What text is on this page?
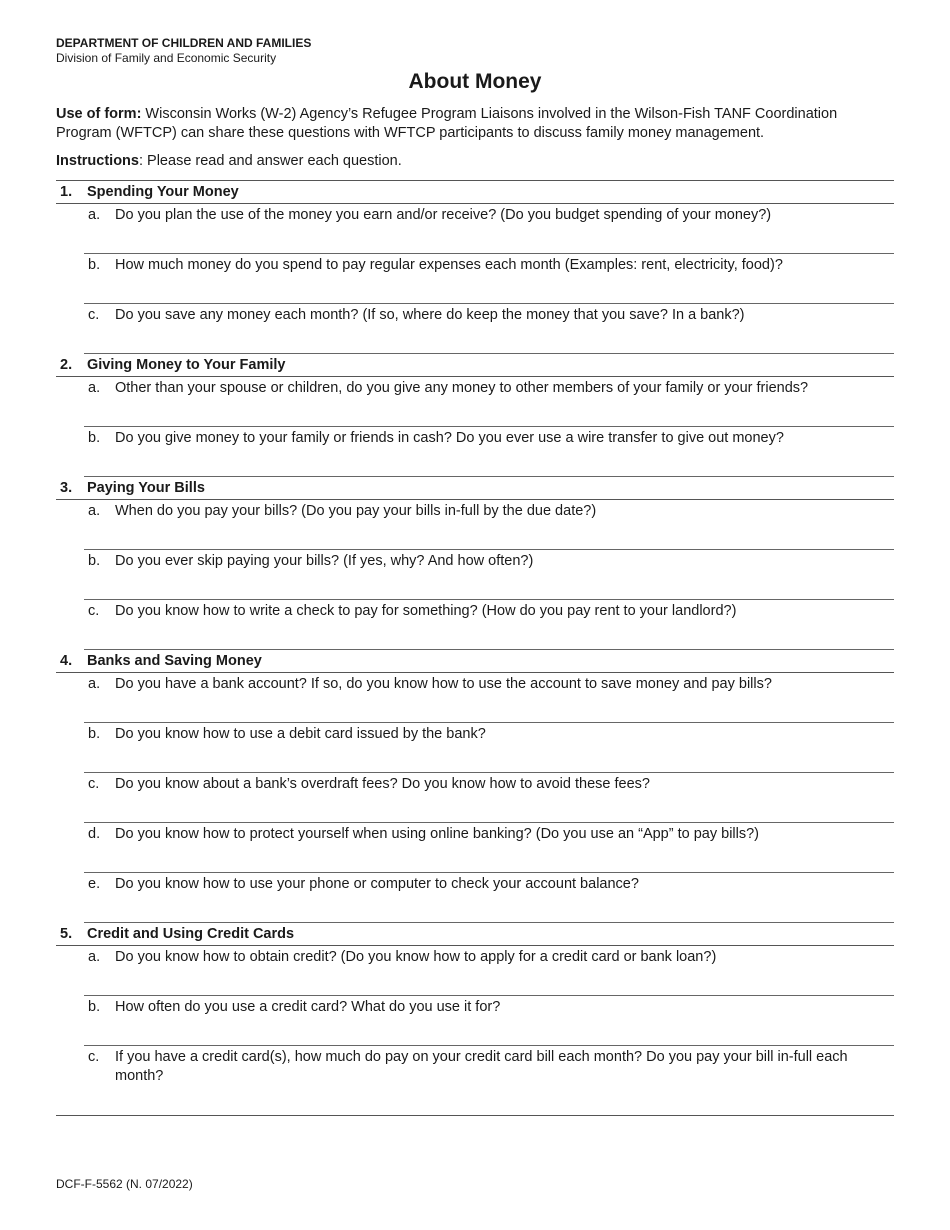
DEPARTMENT OF CHILDREN AND FAMILIES
Division of Family and Economic Security
About Money
Use of form: Wisconsin Works (W-2) Agency’s Refugee Program Liaisons involved in the Wilson-Fish TANF Coordination Program (WFTCP) can share these questions with WFTCP participants to discuss family money management.
Instructions: Please read and answer each question.
1.	Spending Your Money
a.	Do you plan the use of the money you earn and/or receive? (Do you budget spending of your money?)
b.	How much money do you spend to pay regular expenses each month (Examples: rent, electricity, food)?
c.	Do you save any money each month? (If so, where do keep the money that you save? In a bank?)
2.	Giving Money to Your Family
a.	Other than your spouse or children, do you give any money to other members of your family or your friends?
b.	Do you give money to your family or friends in cash? Do you ever use a wire transfer to give out money?
3.	Paying Your Bills
a.	When do you pay your bills? (Do you pay your bills in-full by the due date?)
b.	Do you ever skip paying your bills? (If yes, why? And how often?)
c.	Do you know how to write a check to pay for something? (How do you pay rent to your landlord?)
4.	Banks and Saving Money
a.	Do you have a bank account? If so, do you know how to use the account to save money and pay bills?
b.	Do you know how to use a debit card issued by the bank?
c.	Do you know about a bank’s overdraft fees? Do you know how to avoid these fees?
d.	Do you know how to protect yourself when using online banking? (Do you use an “App” to pay bills?)
e.	Do you know how to use your phone or computer to check your account balance?
5.	Credit and Using Credit Cards
a.	Do you know how to obtain credit? (Do you know how to apply for a credit card or bank loan?)
b.	How often do you use a credit card? What do you use it for?
c.	If you have a credit card(s), how much do pay on your credit card bill each month? Do you pay your bill in-full each month?
DCF-F-5562 (N. 07/2022)
